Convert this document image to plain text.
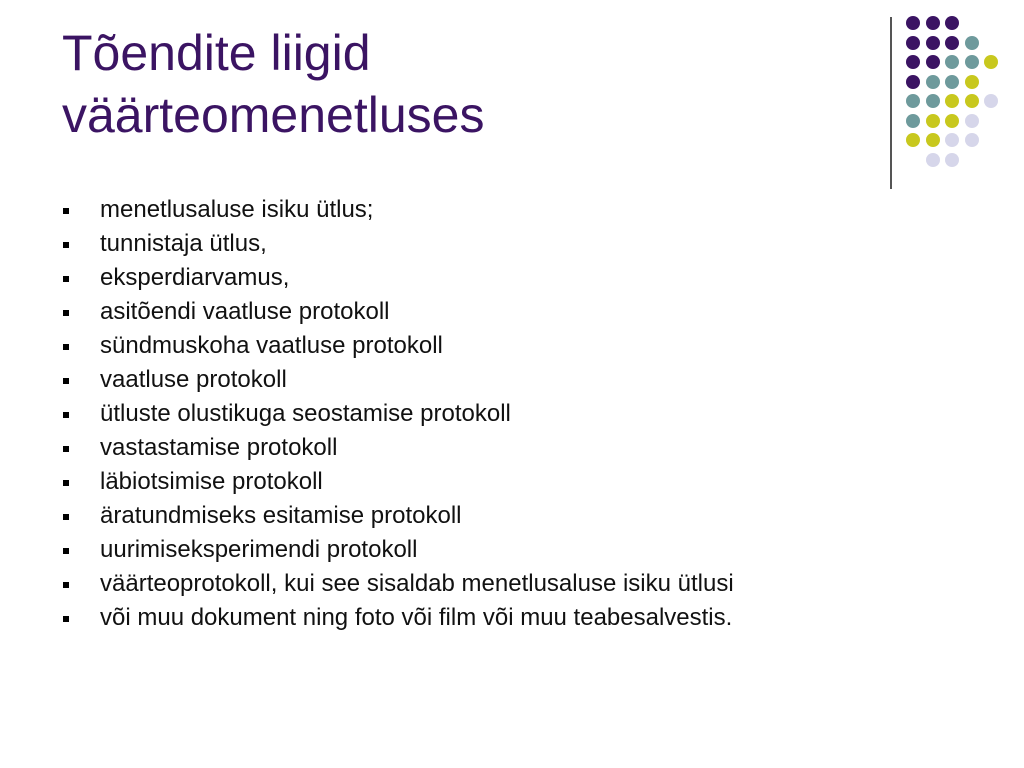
Tõendite liigid
väärteomenetluses
menetlusaluse isiku ütlus;
tunnistaja ütlus,
eksperdiarvamus,
asitõendi vaatluse protokoll
sündmuskoha vaatluse protokoll
vaatluse protokoll
ütluste olustikuga seostamise protokoll
vastastamise protokoll
läbiotsimise protokoll
äratundmiseks esitamise protokoll
uurimiseksperimendi protokoll
väärteoprotokoll, kui see sisaldab menetlusaluse isiku ütlusi
või muu dokument ning foto või film või muu teabesalvestis.
